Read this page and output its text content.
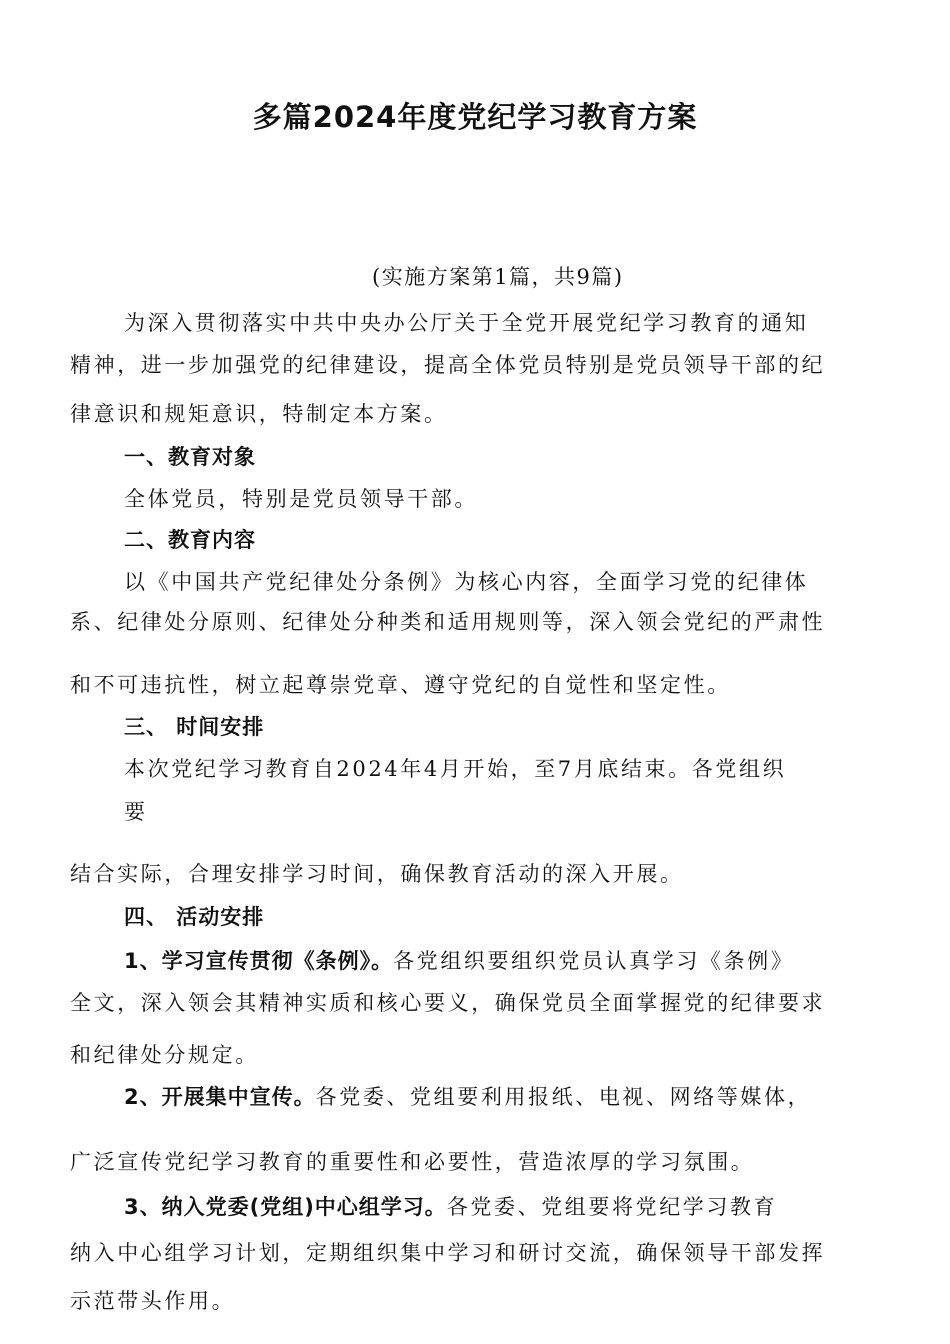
多篇2024年度党纪学习教育方案
(实施方案第1篇，共9篇)
为深入贯彻落实中共中央办公厅关于全党开展党纪学习教育的通知
精神，进一步加强党的纪律建设，提高全体党员特别是党员领导干部的纪
律意识和规矩意识，特制定本方案。
一、教育对象
全体党员，特别是党员领导干部。
二、教育内容
以《中国共产党纪律处分条例》为核心内容，全面学习党的纪律体
系、纪律处分原则、纪律处分种类和适用规则等，深入领会党纪的严肃性
和不可违抗性，树立起尊崇党章、遵守党纪的自觉性和坚定性。
三、 时间安排
本次党纪学习教育自2024年4月开始，至7月底结束。各党组织
要
结合实际，合理安排学习时间，确保教育活动的深入开展。
四、 活动安排
1、学习宣传贯彻《条例》。各党组织要组织党员认真学习《条例》
全文，深入领会其精神实质和核心要义，确保党员全面掌握党的纪律要求
和纪律处分规定。
2、开展集中宣传。各党委、党组要利用报纸、电视、网络等媒体，
广泛宣传党纪学习教育的重要性和必要性，营造浓厚的学习氛围。
3、纳入党委(党组)中心组学习。各党委、党组要将党纪学习教育
纳入中心组学习计划，定期组织集中学习和研讨交流，确保领导干部发挥
示范带头作用。
